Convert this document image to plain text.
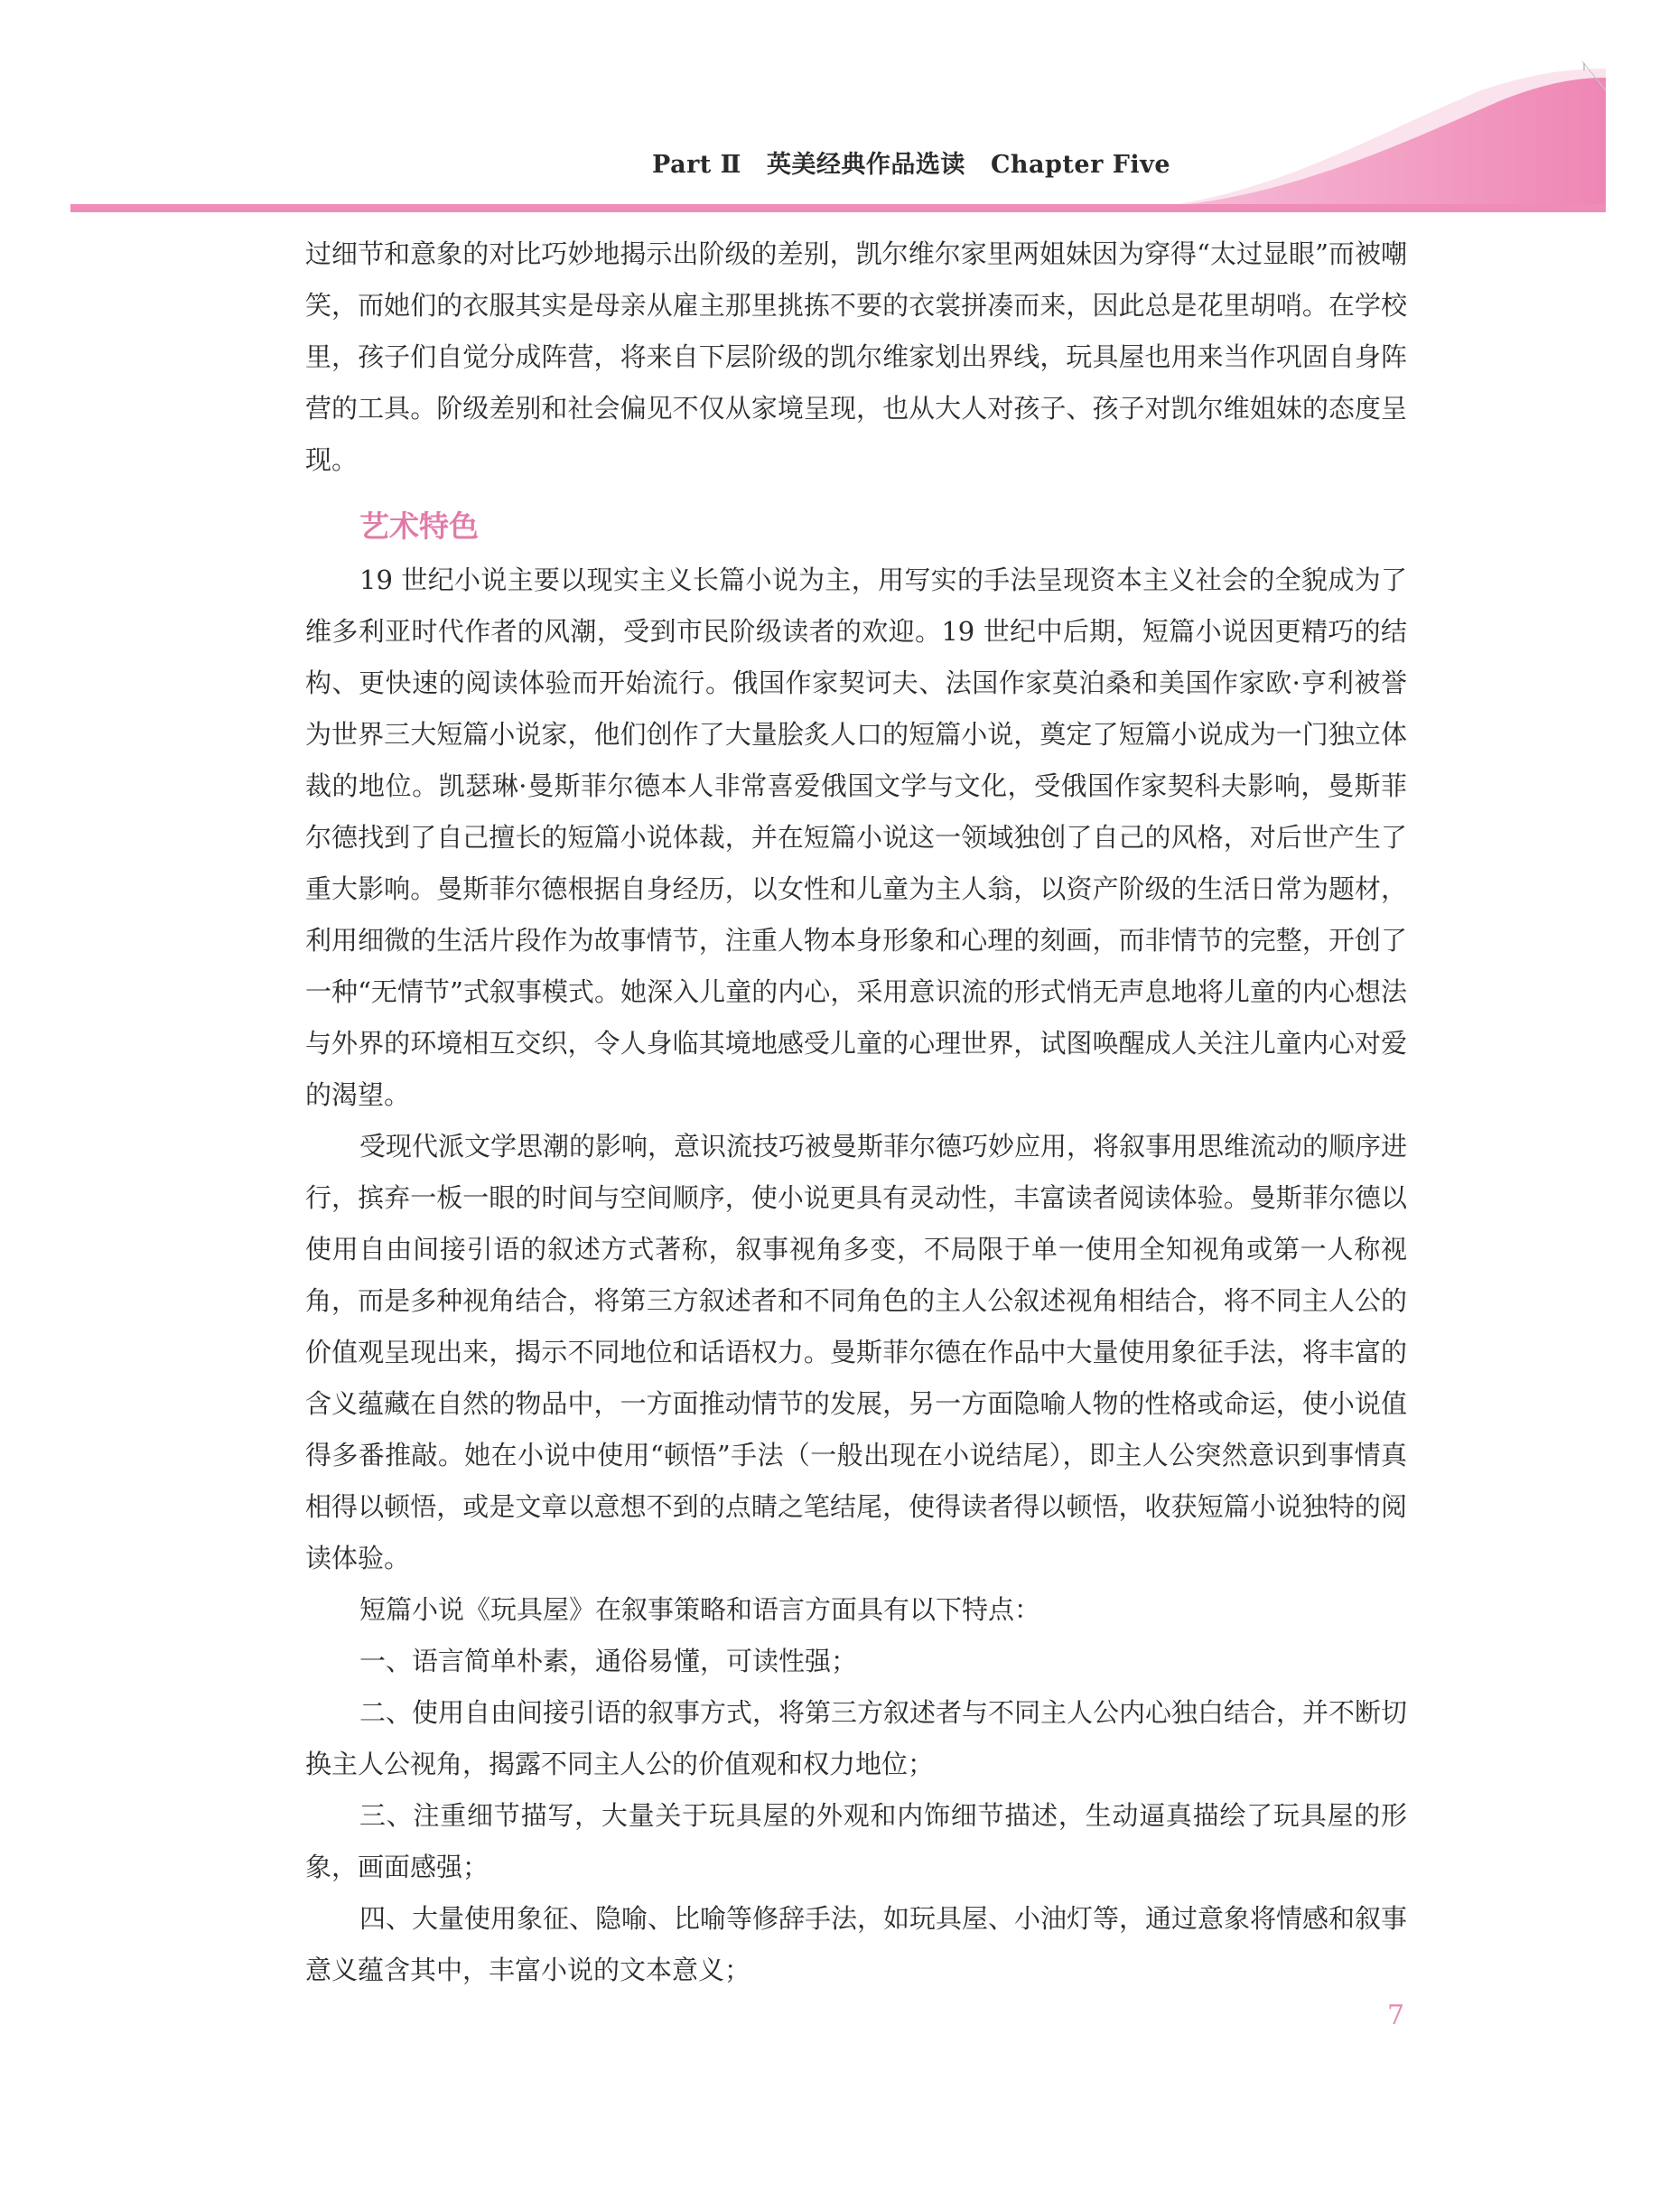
Part Ⅱ 英美经典作品选读 Chapter Five

过细节和意象的对比巧妙地揭示出阶级的差别，凯尔维尔家里两姐妹因为穿得“太过显眼”而被嘲笑，而她们的衣服其实是母亲从雇主那里挑拣不要的衣裳拼凑而来，因此总是花里胡哨。在学校里，孩子们自觉分成阵营，将来自下层阶级的凯尔维家划出界线，玩具屋也用来当作巩固自身阵营的工具。阶级差别和社会偏见不仅从家境呈现，也从大人对孩子、孩子对凯尔维姐妹的态度呈现。

艺术特色

19 世纪小说主要以现实主义长篇小说为主，用写实的手法呈现资本主义社会的全貌成为了维多利亚时代作者的风潮，受到市民阶级读者的欢迎。19 世纪中后期，短篇小说因更精巧的结构、更快速的阅读体验而开始流行。俄国作家契诃夫、法国作家莫泊桑和美国作家欧·亨利被誉为世界三大短篇小说家，他们创作了大量脍炙人口的短篇小说，奠定了短篇小说成为一门独立体裁的地位。凯瑟琳·曼斯菲尔德本人非常喜爱俄国文学与文化，受俄国作家契科夫影响，曼斯菲尔德找到了自己擅长的短篇小说体裁，并在短篇小说这一领域独创了自己的风格，对后世产生了重大影响。曼斯菲尔德根据自身经历，以女性和儿童为主人翁，以资产阶级的生活日常为题材，利用细微的生活片段作为故事情节，注重人物本身形象和心理的刻画，而非情节的完整，开创了一种“无情节”式叙事模式。她深入儿童的内心，采用意识流的形式悄无声息地将儿童的内心想法与外界的环境相互交织，令人身临其境地感受儿童的心理世界，试图唤醒成人关注儿童内心对爱的渴望。

受现代派文学思潮的影响，意识流技巧被曼斯菲尔德巧妙应用，将叙事用思维流动的顺序进行，摈弃一板一眼的时间与空间顺序，使小说更具有灵动性，丰富读者阅读体验。曼斯菲尔德以使用自由间接引语的叙述方式著称，叙事视角多变，不局限于单一使用全知视角或第一人称视角，而是多种视角结合，将第三方叙述者和不同角色的主人公叙述视角相结合，将不同主人公的价值观呈现出来，揭示不同地位和话语权力。曼斯菲尔德在作品中大量使用象征手法，将丰富的含义蕴藏在自然的物品中，一方面推动情节的发展，另一方面隐喻人物的性格或命运，使小说值得多番推敲。她在小说中使用“顿悟”手法（一般出现在小说结尾），即主人公突然意识到事情真相得以顿悟，或是文章以意想不到的点睛之笔结尾，使得读者得以顿悟，收获短篇小说独特的阅读体验。

短篇小说《玩具屋》在叙事策略和语言方面具有以下特点：

一、语言简单朴素，通俗易懂，可读性强；

二、使用自由间接引语的叙事方式，将第三方叙述者与不同主人公内心独白结合，并不断切换主人公视角，揭露不同主人公的价值观和权力地位；

三、注重细节描写，大量关于玩具屋的外观和内饰细节描述，生动逼真描绘了玩具屋的形象，画面感强；

四、大量使用象征、隐喻、比喻等修辞手法，如玩具屋、小油灯等，通过意象将情感和叙事意义蕴含其中，丰富小说的文本意义；

7
